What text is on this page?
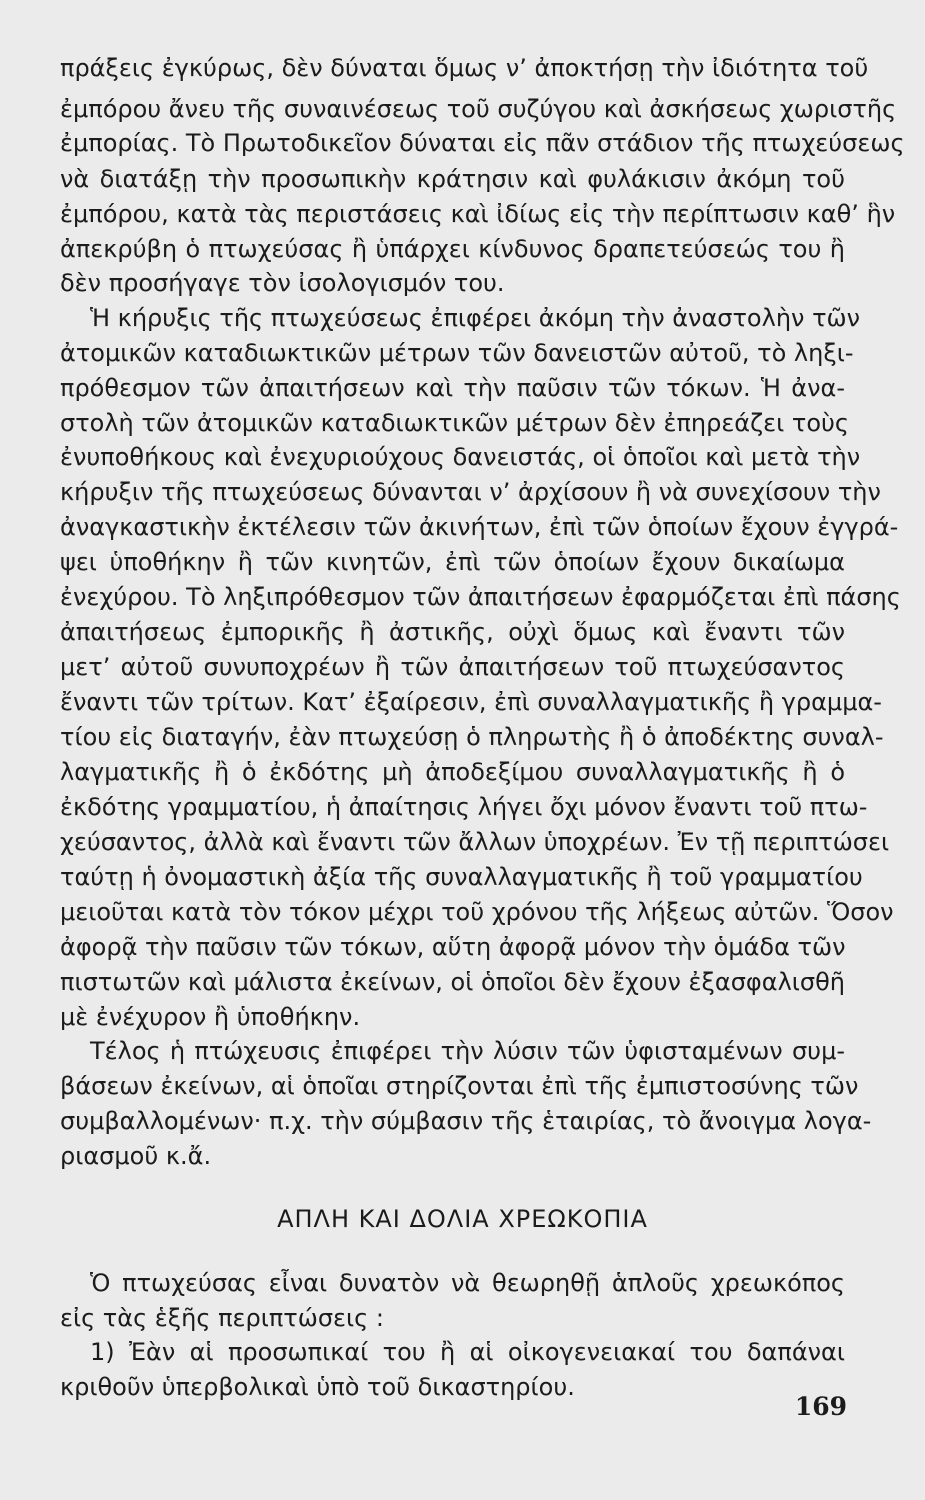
πράξεις ἐγκύρως, δὲν δύναται ὅμως ν’ ἀποκτήσῃ τὴν ἰδιότητα τοῦ
ἐμπόρου ἄνευ τῆς συναινέσεως τοῦ συζύγου καὶ ἀσκήσεως χωριστῆς
ἐμπορίας. Τὸ Πρωτοδικεῖον δύναται εἰς πᾶν στάδιον τῆς πτωχεύσεως
νὰ διατάξῃ τὴν προσωπικὴν κράτησιν καὶ φυλάκισιν ἀκόμη τοῦ
ἐμπόρου, κατὰ τὰς περιστάσεις καὶ ἰδίως εἰς τὴν περίπτωσιν καθ’ ἣν
ἀπεκρύβη ὁ πτωχεύσας ἢ ὑπάρχει κίνδυνος δραπετεύσεώς του ἢ
δὲν προσήγαγε τὸν ἰσολογισμόν του.
Ἡ κήρυξις τῆς πτωχεύσεως ἐπιφέρει ἀκόμη τὴν ἀναστολὴν τῶν
ἀτομικῶν καταδιωκτικῶν μέτρων τῶν δανειστῶν αὐτοῦ, τὸ ληξι-
πρόθεσμον τῶν ἀπαιτήσεων καὶ τὴν παῦσιν τῶν τόκων. Ἡ ἀνα-
στολὴ τῶν ἀτομικῶν καταδιωκτικῶν μέτρων δὲν ἐπηρεάζει τοὺς
ἐνυποθήκους καὶ ἐνεχυριούχους δανειστάς, οἱ ὁποῖοι καὶ μετὰ τὴν
κήρυξιν τῆς πτωχεύσεως δύνανται ν’ ἀρχίσουν ἢ νὰ συνεχίσουν τὴν
ἀναγκαστικὴν ἐκτέλεσιν τῶν ἀκινήτων, ἐπὶ τῶν ὁποίων ἔχουν ἐγγρά-
ψει ὑποθήκην ἢ τῶν κινητῶν, ἐπὶ τῶν ὁποίων ἔχουν δικαίωμα
ἐνεχύρου. Τὸ ληξιπρόθεσμον τῶν ἀπαιτήσεων ἐφαρμόζεται ἐπὶ πάσης
ἀπαιτήσεως ἐμπορικῆς ἢ ἀστικῆς, οὐχὶ ὅμως καὶ ἔναντι τῶν
μετ’ αὐτοῦ συνυποχρέων ἢ τῶν ἀπαιτήσεων τοῦ πτωχεύσαντος
ἔναντι τῶν τρίτων. Κατ’ ἐξαίρεσιν, ἐπὶ συναλλαγματικῆς ἢ γραμμα-
τίου εἰς διαταγήν, ἐὰν πτωχεύσῃ ὁ πληρωτὴς ἢ ὁ ἀποδέκτης συναλ-
λαγματικῆς ἢ ὁ ἐκδότης μὴ ἀποδεξίμου συναλλαγματικῆς ἢ ὁ
ἐκδότης γραμματίου, ἡ ἀπαίτησις λήγει ὄχι μόνον ἔναντι τοῦ πτω-
χεύσαντος, ἀλλὰ καὶ ἔναντι τῶν ἄλλων ὑποχρέων. Ἐν τῇ περιπτώσει
ταύτῃ ἡ ὀνομαστικὴ ἀξία τῆς συναλλαγματικῆς ἢ τοῦ γραμματίου
μειοῦται κατὰ τὸν τόκον μέχρι τοῦ χρόνου τῆς λήξεως αὐτῶν. Ὅσον
ἀφορᾷ τὴν παῦσιν τῶν τόκων, αὕτη ἀφορᾷ μόνον τὴν ὁμάδα τῶν
πιστωτῶν καὶ μάλιστα ἐκείνων, οἱ ὁποῖοι δὲν ἔχουν ἐξασφαλισθῆ
μὲ ἐνέχυρον ἢ ὑποθήκην.
Τέλος ἡ πτώχευσις ἐπιφέρει τὴν λύσιν τῶν ὑφισταμένων συμ-
βάσεων ἐκείνων, αἱ ὁποῖαι στηρίζονται ἐπὶ τῆς ἐμπιστοσύνης τῶν
συμβαλλομένων· π.χ. τὴν σύμβασιν τῆς ἑταιρίας, τὸ ἄνοιγμα λογα-
ριασμοῦ κ.ἄ.
ΑΠΛΗ ΚΑΙ ΔΟΛΙΑ ΧΡΕΩΚΟΠΙΑ
Ὁ πτωχεύσας εἶναι δυνατὸν νὰ θεωρηθῇ ἁπλοῦς χρεωκόπος
εἰς τὰς ἑξῆς περιπτώσεις :
1) Ἐὰν αἱ προσωπικαί του ἢ αἱ οἰκογενειακαί του δαπάναι
κριθοῦν ὑπερβολικαὶ ὑπὸ τοῦ δικαστηρίου.
169
